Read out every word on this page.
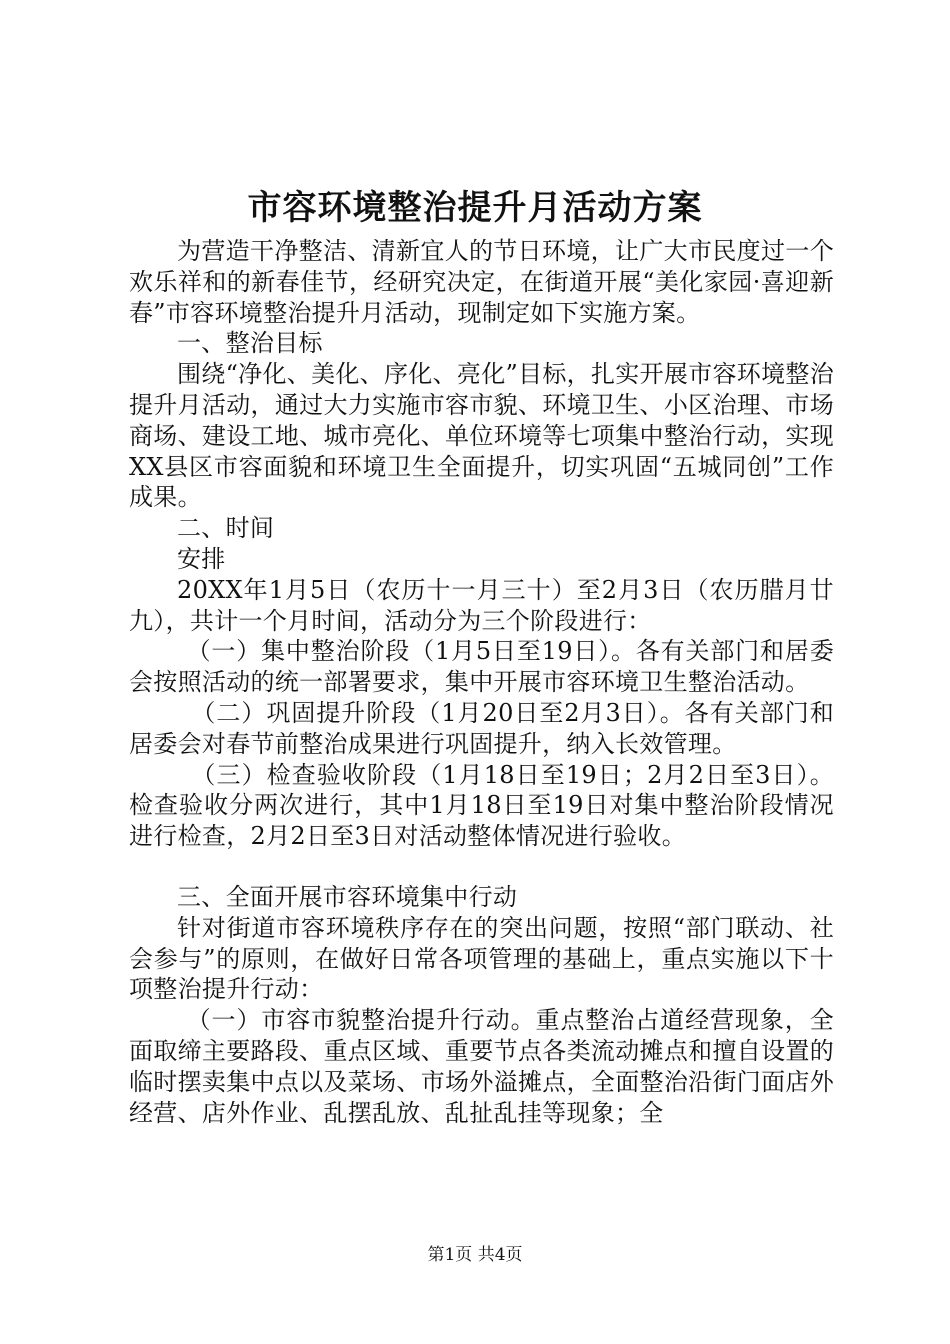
市容环境整治提升月活动方案

为营造干净整洁、清新宜人的节日环境，让广大市民度过一个欢乐祥和的新春佳节，经研究决定，在街道开展“美化家园·喜迎新春”市容环境整治提升月活动，现制定如下实施方案。

一、整治目标

围绕“净化、美化、序化、亮化”目标，扎实开展市容环境整治提升月活动，通过大力实施市容市貌、环境卫生、小区治理、市场商场、建设工地、城市亮化、单位环境等七项集中整治行动，实现XX县区市容面貌和环境卫生全面提升，切实巩固“五城同创”工作成果。

二、时间

安排

20XX年1月5日（农历十一月三十）至2月3日（农历腊月廿九），共计一个月时间，活动分为三个阶段进行：

（一）集中整治阶段（1月5日至19日）。各有关部门和居委会按照活动的统一部署要求，集中开展市容环境卫生整治活动。

（二）巩固提升阶段（1月20日至2月3日）。各有关部门和居委会对春节前整治成果进行巩固提升，纳入长效管理。

（三）检查验收阶段（1月18日至19日；2月2日至3日）。检查验收分两次进行，其中1月18日至19日对集中整治阶段情况进行检查，2月2日至3日对活动整体情况进行验收。

三、全面开展市容环境集中行动

针对街道市容环境秩序存在的突出问题，按照“部门联动、社会参与”的原则，在做好日常各项管理的基础上，重点实施以下十项整治提升行动：

（一）市容市貌整治提升行动。重点整治占道经营现象，全面取缔主要路段、重点区域、重要节点各类流动摊点和擅自设置的临时摆卖集中点以及菜场、市场外溢摊点，全面整治沿街门面店外经营、店外作业、乱摆乱放、乱扯乱挂等现象；全

第1页 共4页
